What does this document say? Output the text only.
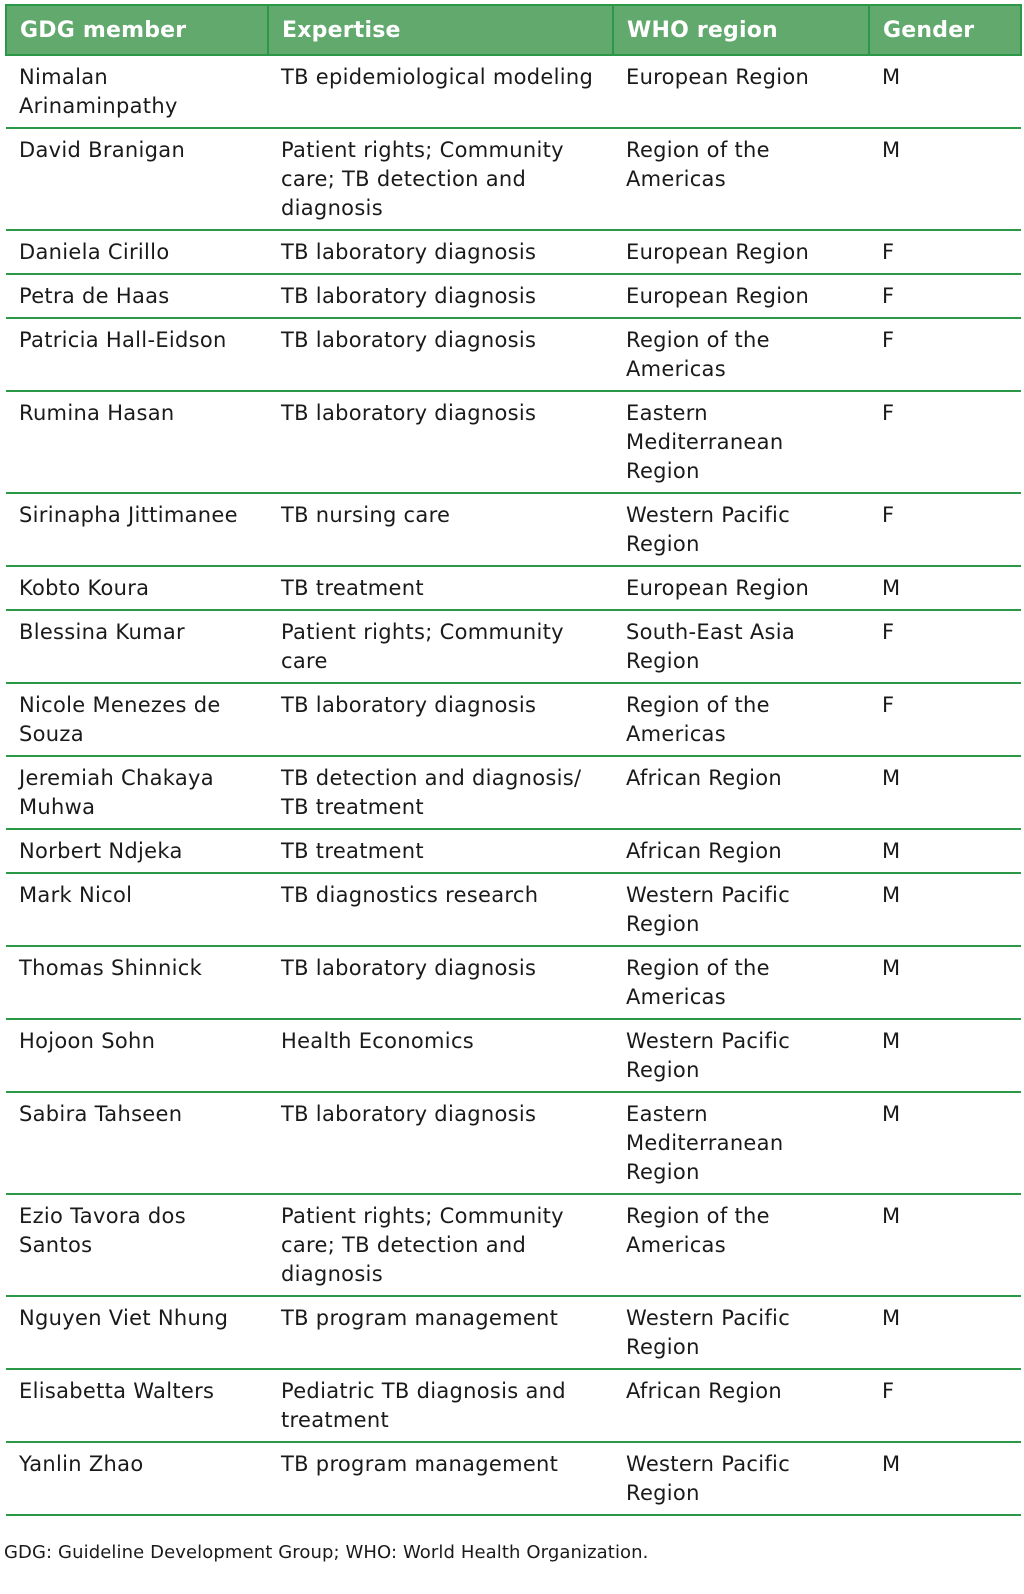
GDG member	Expertise	WHO region	Gender
Nimalan Arinaminpathy	TB epidemiological modeling	European Region	M
David Branigan	Patient rights; Community care; TB detection and diagnosis	Region of the Americas	M
Daniela Cirillo	TB laboratory diagnosis	European Region	F
Petra de Haas	TB laboratory diagnosis	European Region	F
Patricia Hall-Eidson	TB laboratory diagnosis	Region of the Americas	F
Rumina Hasan	TB laboratory diagnosis	Eastern Mediterranean Region	F
Sirinapha Jittimanee	TB nursing care	Western Pacific Region	F
Kobto Koura	TB treatment	European Region	M
Blessina Kumar	Patient rights; Community care	South-East Asia Region	F
Nicole Menezes de Souza	TB laboratory diagnosis	Region of the Americas	F
Jeremiah Chakaya Muhwa	TB detection and diagnosis/ TB treatment	African Region	M
Norbert Ndjeka	TB treatment	African Region	M
Mark Nicol	TB diagnostics research	Western Pacific Region	M
Thomas Shinnick	TB laboratory diagnosis	Region of the Americas	M
Hojoon Sohn	Health Economics	Western Pacific Region	M
Sabira Tahseen	TB laboratory diagnosis	Eastern Mediterranean Region	M
Ezio Tavora dos Santos	Patient rights; Community care; TB detection and diagnosis	Region of the Americas	M
Nguyen Viet Nhung	TB program management	Western Pacific Region	M
Elisabetta Walters	Pediatric TB diagnosis and treatment	African Region	F
Yanlin Zhao	TB program management	Western Pacific Region	M
GDG: Guideline Development Group; WHO: World Health Organization.
